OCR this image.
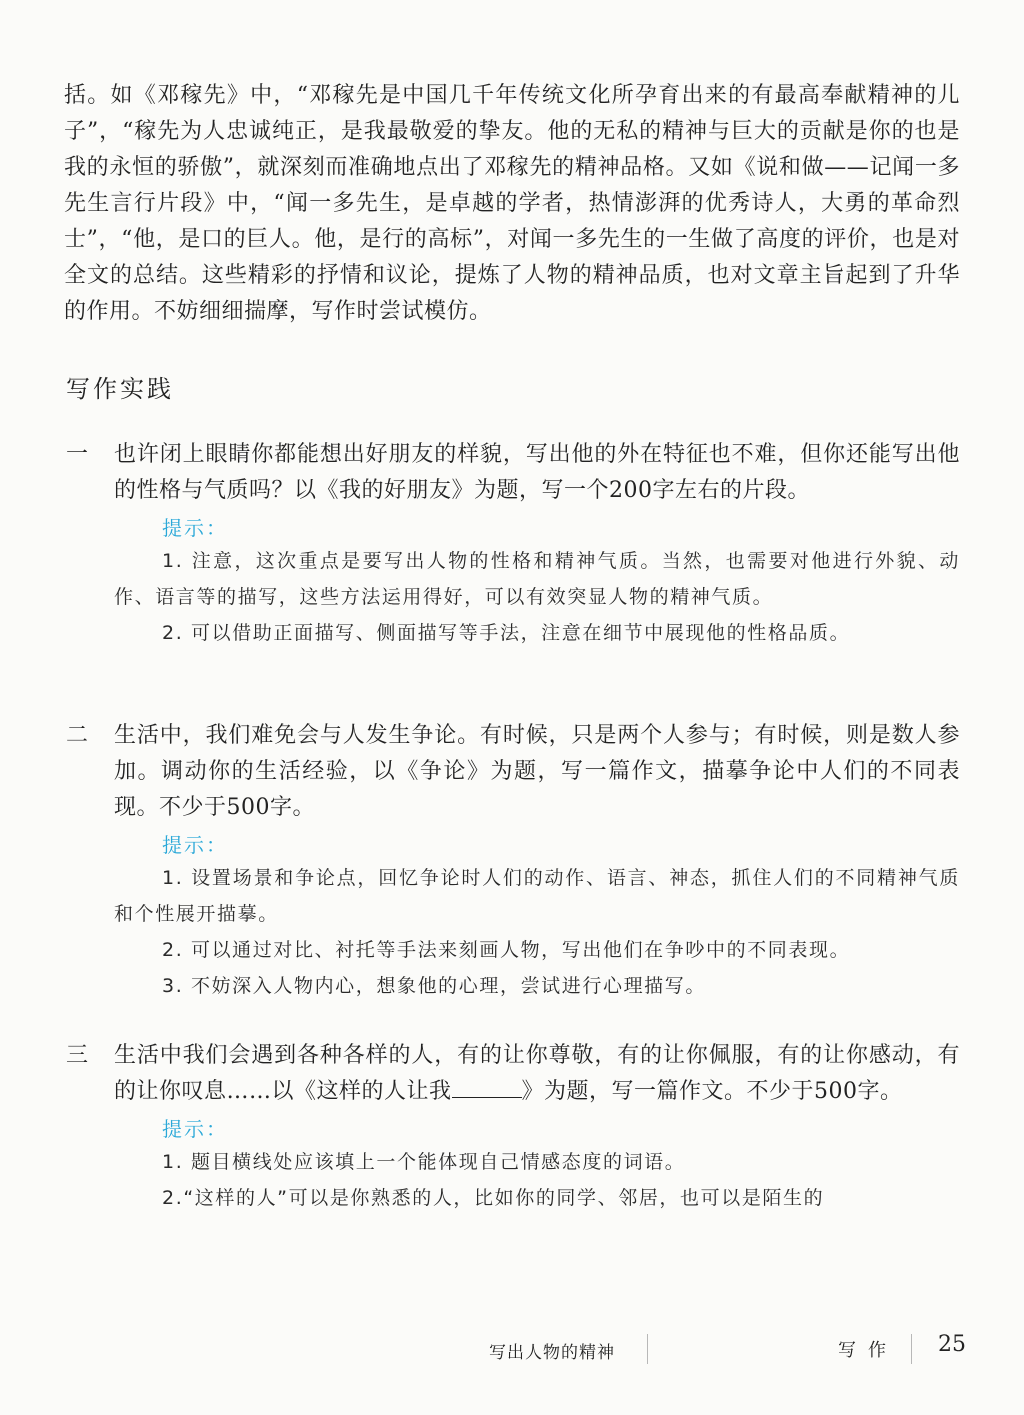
括。如《邓稼先》中，“邓稼先是中国几千年传统文化所孕育出来的有最高奉献精神的儿子”，“稼先为人忠诚纯正，是我最敬爱的挚友。他的无私的精神与巨大的贡献是你的也是我的永恒的骄傲”，就深刻而准确地点出了邓稼先的精神品格。又如《说和做——记闻一多先生言行片段》中，“闻一多先生，是卓越的学者，热情澎湃的优秀诗人，大勇的革命烈士”，“他，是口的巨人。他，是行的高标”，对闻一多先生的一生做了高度的评价，也是对全文的总结。这些精彩的抒情和议论，提炼了人物的精神品质，也对文章主旨起到了升华的作用。不妨细细揣摩，写作时尝试模仿。

写作实践
一 也许闭上眼睛你都能想出好朋友的样貌，写出他的外在特征也不难，但你还能写出他的性格与气质吗？以《我的好朋友》为题，写一个200字左右的片段。

提示：

1. 注意，这次重点是要写出人物的性格和精神气质。当然，也需要对他进行外貌、动作、语言等的描写，这些方法运用得好，可以有效突显人物的精神气质。

2. 可以借助正面描写、侧面描写等手法，注意在细节中展现他的性格品质。

二 生活中，我们难免会与人发生争论。有时候，只是两个人参与；有时候，则是数人参加。调动你的生活经验，以《争论》为题，写一篇作文，描摹争论中人们的不同表现。不少于500字。

提示：

1. 设置场景和争论点，回忆争论时人们的动作、语言、神态，抓住人们的不同精神气质和个性展开描摹。

2. 可以通过对比、衬托等手法来刻画人物，写出他们在争吵中的不同表现。

3. 不妨深入人物内心，想象他的心理，尝试进行心理描写。

三 生活中我们会遇到各种各样的人，有的让你尊敬，有的让你佩服，有的让你感动，有的让你叹息……以《这样的人让我	》为题，写一篇作文。不少于500字。

提示：

1. 题目横线处应该填上一个能体现自己情感态度的词语。

2.“这样的人”可以是你熟悉的人，比如你的同学、邻居，也可以是陌生的

写出人物的精神	写作 25
